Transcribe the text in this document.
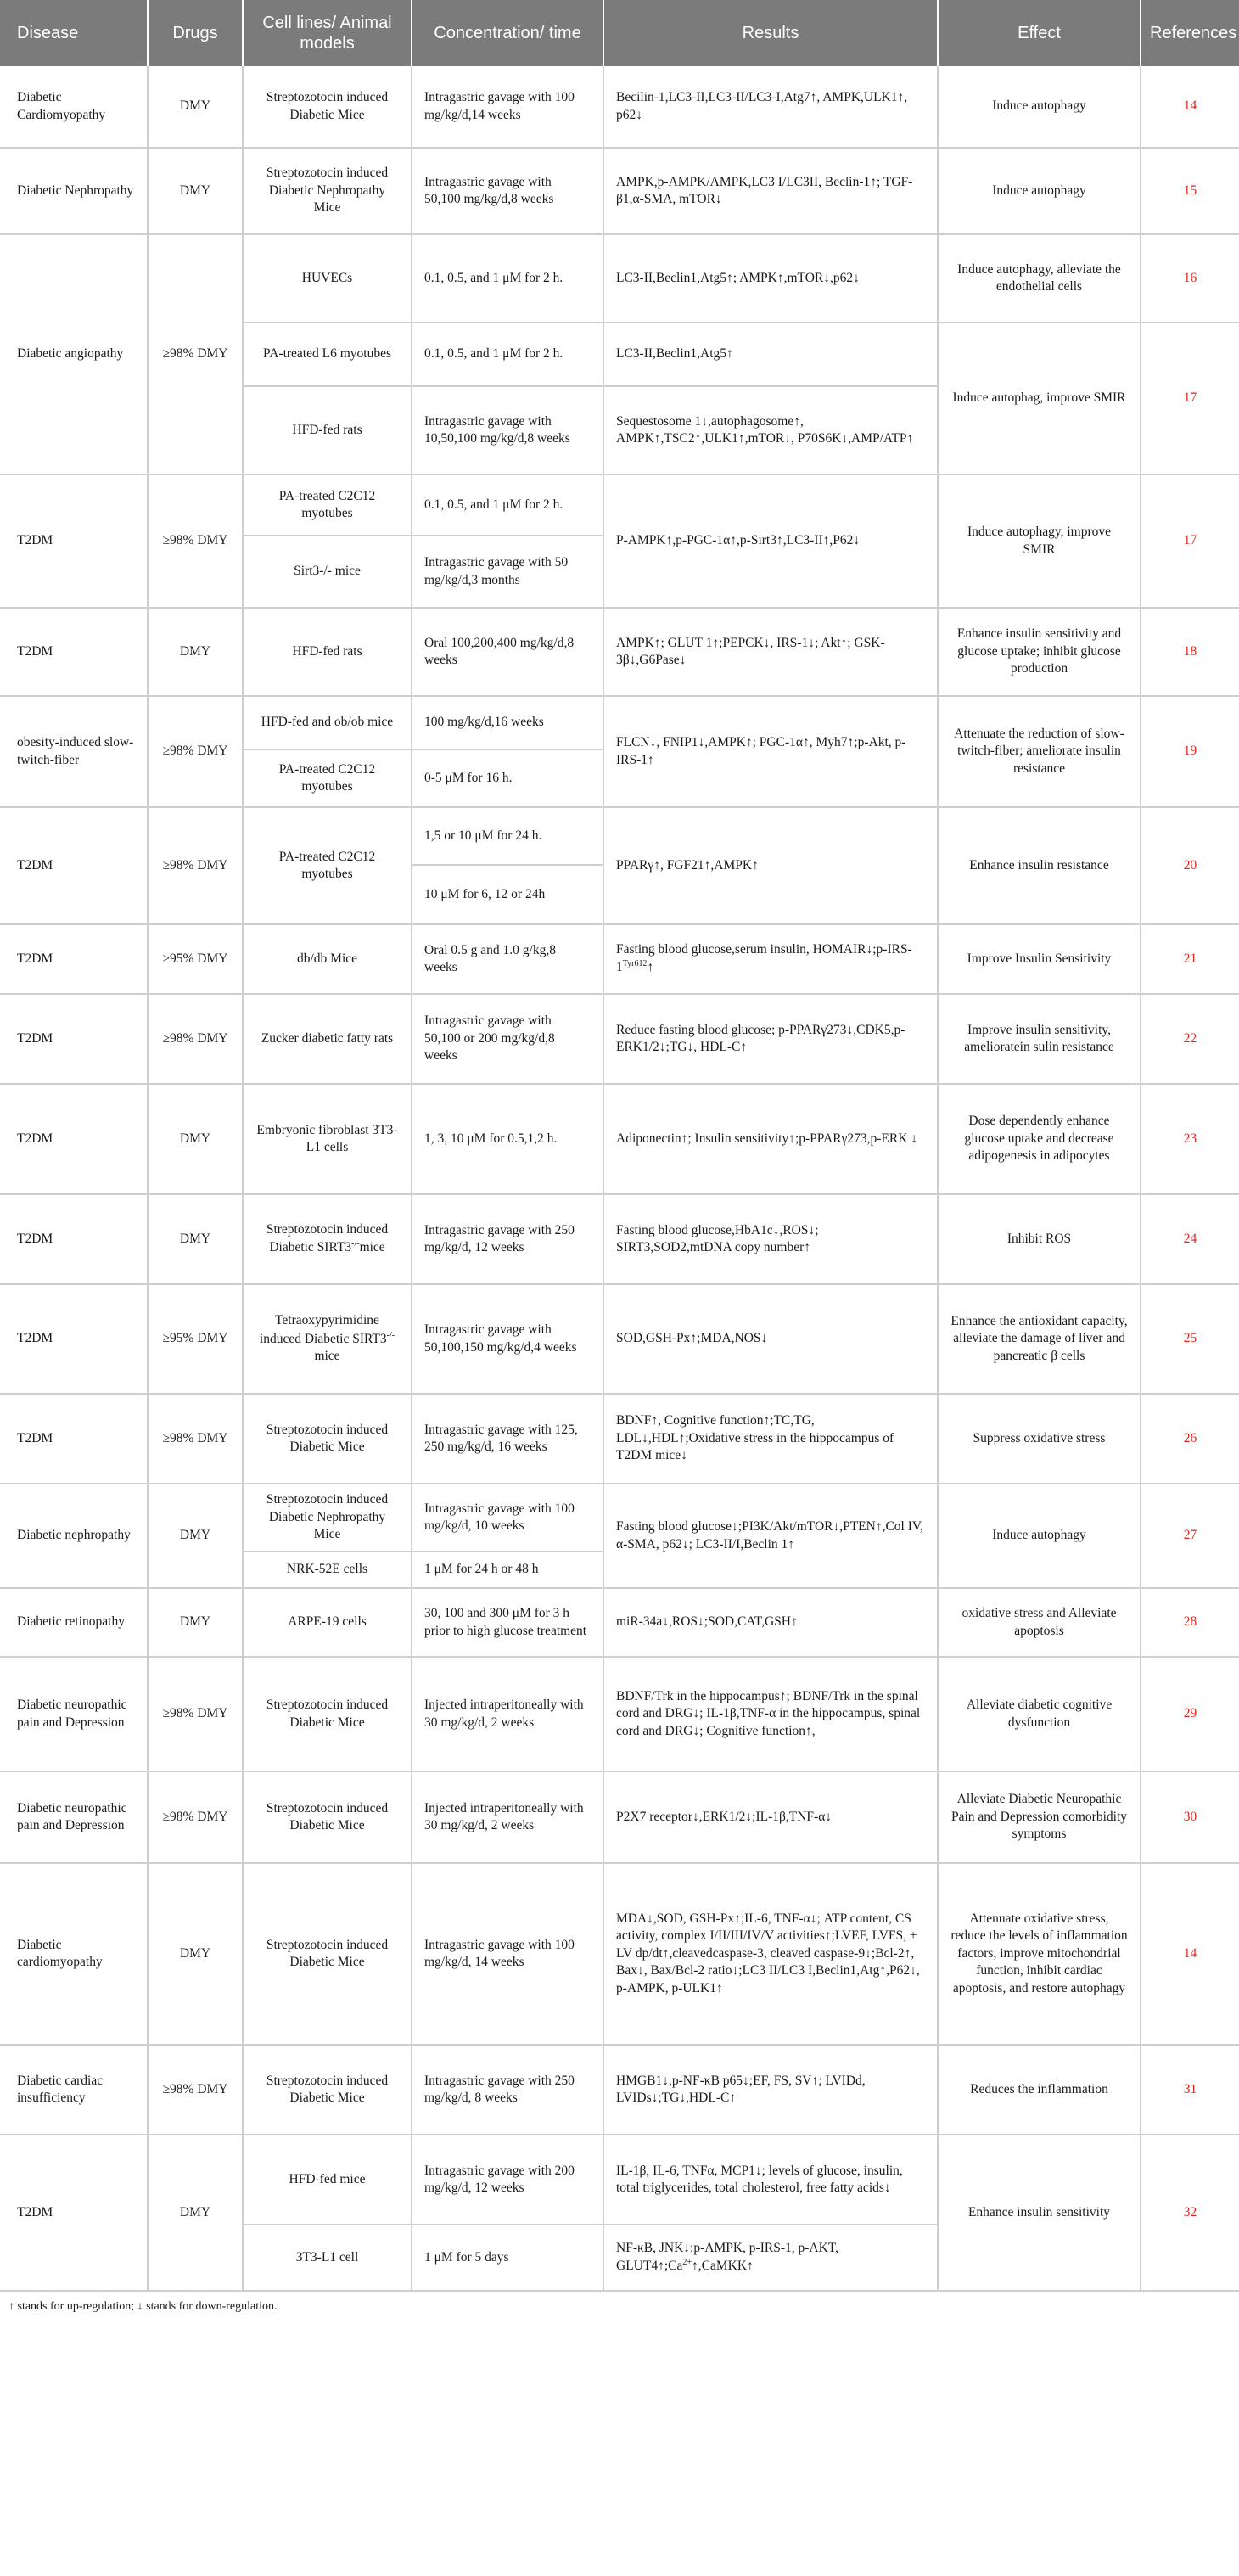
Disease	Drugs	Cell lines/ Animal models	Concentration/ time	Results	Effect	References
Diabetic Cardiomyopathy	DMY	Streptozotocin induced Diabetic Mice	Intragastric gavage with 100 mg/kg/d,14 weeks	Becilin-1,LC3-II,LC3-II/LC3-I,Atg7↑, AMPK,ULK1↑, p62↓	Induce autophagy	14
Diabetic Nephropathy	DMY	Streptozotocin induced Diabetic Nephropathy Mice	Intragastric gavage with 50,100 mg/kg/d,8 weeks	AMPK,p-AMPK/AMPK,LC3 I/LC3II, Beclin-1↑; TGF-β1,α-SMA, mTOR↓	Induce autophagy	15
Diabetic angiopathy	≥98% DMY	HUVECs	0.1, 0.5, and 1 μM for 2 h.	LC3-II,Beclin1,Atg5↑; AMPK↑,mTOR↓,p62↓	Induce autophagy, alleviate the endothelial cells	16
		PA-treated L6 myotubes	0.1, 0.5, and 1 μM for 2 h.	LC3-II,Beclin1,Atg5↑	Induce autophag, improve SMIR	17
		HFD-fed rats	Intragastric gavage with 10,50,100 mg/kg/d,8 weeks	Sequestosome 1↓,autophagosome↑, AMPK↑,TSC2↑,ULK1↑,mTOR↓, P70S6K↓,AMP/ATP↑		
T2DM	≥98% DMY	PA-treated C2C12 myotubes	0.1, 0.5, and 1 μM for 2 h.	P-AMPK↑,p-PGC-1α↑,p-Sirt3↑,LC3-II↑,P62↓	Induce autophagy, improve SMIR	17
		Sirt3-/- mice	Intragastric gavage with 50 mg/kg/d,3 months			
T2DM	DMY	HFD-fed rats	Oral 100,200,400 mg/kg/d,8 weeks	AMPK↑; GLUT 1↑;PEPCK↓, IRS-1↓; Akt↑; GSK-3β↓,G6Pase↓	Enhance insulin sensitivity and glucose uptake; inhibit glucose production	18
obesity-induced slow-twitch-fiber	≥98% DMY	HFD-fed and ob/ob mice	100 mg/kg/d,16 weeks	FLCN↓, FNIP1↓,AMPK↑; PGC-1α↑, Myh7↑;p-Akt, p-IRS-1↑	Attenuate the reduction of slow-twitch-fiber; ameliorate insulin resistance	19
		PA-treated C2C12 myotubes	0-5 μM for 16 h.			
T2DM	≥98% DMY	PA-treated C2C12 myotubes	1,5 or 10 μM for 24 h.	PPARγ↑, FGF21↑,AMPK↑	Enhance insulin resistance	20
			10 μM for 6, 12 or 24h			
T2DM	≥95% DMY	db/db Mice	Oral 0.5 g and 1.0 g/kg,8 weeks	Fasting blood glucose,serum insulin, $HOMAIR↓;p-IRS-1^{Tyr612}↑$	Improve Insulin Sensitivity	21
T2DM	≥98% DMY	Zucker diabetic fatty rats	Intragastric gavage with 50,100 or 200 mg/kg/d,8 weeks	Reduce fasting blood glucose; p-PPARγ273↓,CDK5,p-ERK1/2↓;TG↓, HDL-C↑	Improve insulin sensitivity, amelioratein sulin resistance	22
T2DM	DMY	Embryonic fibroblast 3T3-L1 cells	1, 3, 10 μM for 0.5,1,2 h.	Adiponectin↑; Insulin sensitivity↑;p-PPARγ273,p-ERK ↓	Dose dependently enhance glucose uptake and decrease adipogenesis in adipocytes	23
T2DM	DMY	Streptozotocin induced Diabetic SIRT3-/-mice	Intragastric gavage with 250 mg/kg/d, 12 weeks	Fasting blood glucose,HbA1c↓,ROS↓; SIRT3,SOD2,mtDNA copy number↑	Inhibit ROS	24
T2DM	≥95% DMY	Tetraoxypyrimidine induced Diabetic SIRT3-/-mice	Intragastric gavage with 50,100,150 mg/kg/d,4 weeks	SOD,GSH-Px↑;MDA,NOS↓	Enhance the antioxidant capacity, alleviate the damage of liver and pancreatic β cells	25
T2DM	≥98% DMY	Streptozotocin induced Diabetic Mice	Intragastric gavage with 125, 250 mg/kg/d, 16 weeks	BDNF↑, Cognitive function↑;TC,TG, LDL↓,HDL↑;Oxidative stress in the hippocampus of T2DM mice↓	Suppress oxidative stress	26
Diabetic nephropathy	DMY	Streptozotocin induced Diabetic Nephropathy Mice	Intragastric gavage with 100 mg/kg/d, 10 weeks	Fasting blood glucose↓;PI3K/Akt/mTOR↓,PTEN↑,Col IV, α-SMA, p62↓; LC3-II/I,Beclin 1↑	Induce autophagy	27
		NRK-52E cells	1 μM for 24 h or 48 h			
Diabetic retinopathy	DMY	ARPE-19 cells	30, 100 and 300 μM for 3 h prior to high glucose treatment	miR-34a↓,ROS↓;SOD,CAT,GSH↑	oxidative stress and Alleviate apoptosis	28
Diabetic neuropathic pain and Depression	≥98% DMY	Streptozotocin induced Diabetic Mice	Injected intraperitoneally with 30 mg/kg/d, 2 weeks	BDNF/Trk in the hippocampus↑; BDNF/Trk in the spinal cord and DRG↓; IL-1β,TNF-α in the hippocampus, spinal cord and DRG↓; Cognitive function↑,	Alleviate diabetic cognitive dysfunction	29
Diabetic neuropathic pain and Depression	≥98% DMY	Streptozotocin induced Diabetic Mice	Injected intraperitoneally with 30 mg/kg/d, 2 weeks	P2X7 receptor↓,ERK1/2↓;IL-1β,TNF-α↓	Alleviate Diabetic Neuropathic Pain and Depression comorbidity symptoms	30
Diabetic cardiomyopathy	DMY	Streptozotocin induced Diabetic Mice	Intragastric gavage with 100 mg/kg/d, 14 weeks	MDA↓,SOD, GSH-Px↑;IL-6, TNF-α↓; ATP content, CS activity, complex I/II/III/IV/V activities↑;LVEF, LVFS, ± LV dp/dt↑,cleavedcaspase-3, cleaved caspase-9↓;Bcl-2↑, Bax↓, Bax/Bcl-2 ratio↓;LC3 II/LC3 I,Beclin1,Atg↑,P62↓, p-AMPK, p-ULK1↑	Attenuate oxidative stress, reduce the levels of inflammation factors, improve mitochondrial function, inhibit cardiac apoptosis, and restore autophagy	14
Diabetic cardiac insufficiency	≥98% DMY	Streptozotocin induced Diabetic Mice	Intragastric gavage with 250 mg/kg/d, 8 weeks	HMGB1↓,p-NF-κB p65↓;EF, FS, SV↑; LVIDd, LVIDs↓;TG↓,HDL-C↑	Reduces the inflammation	31
T2DM	DMY	HFD-fed mice	Intragastric gavage with 200 mg/kg/d, 12 weeks	IL-1β, IL-6, TNFα, MCP1↓; levels of glucose, insulin, total triglycerides, total cholesterol, free fatty acids↓	Enhance insulin sensitivity	32
		3T3-L1 cell	1 μM for 5 days	NF-κB, JNK↓;p-AMPK, p-IRS-1, p-AKT, $GLUT4↑;Ca^{2+}↑,CaMKK↑$		
↑ stands for up-regulation; ↓ stands for down-regulation.
